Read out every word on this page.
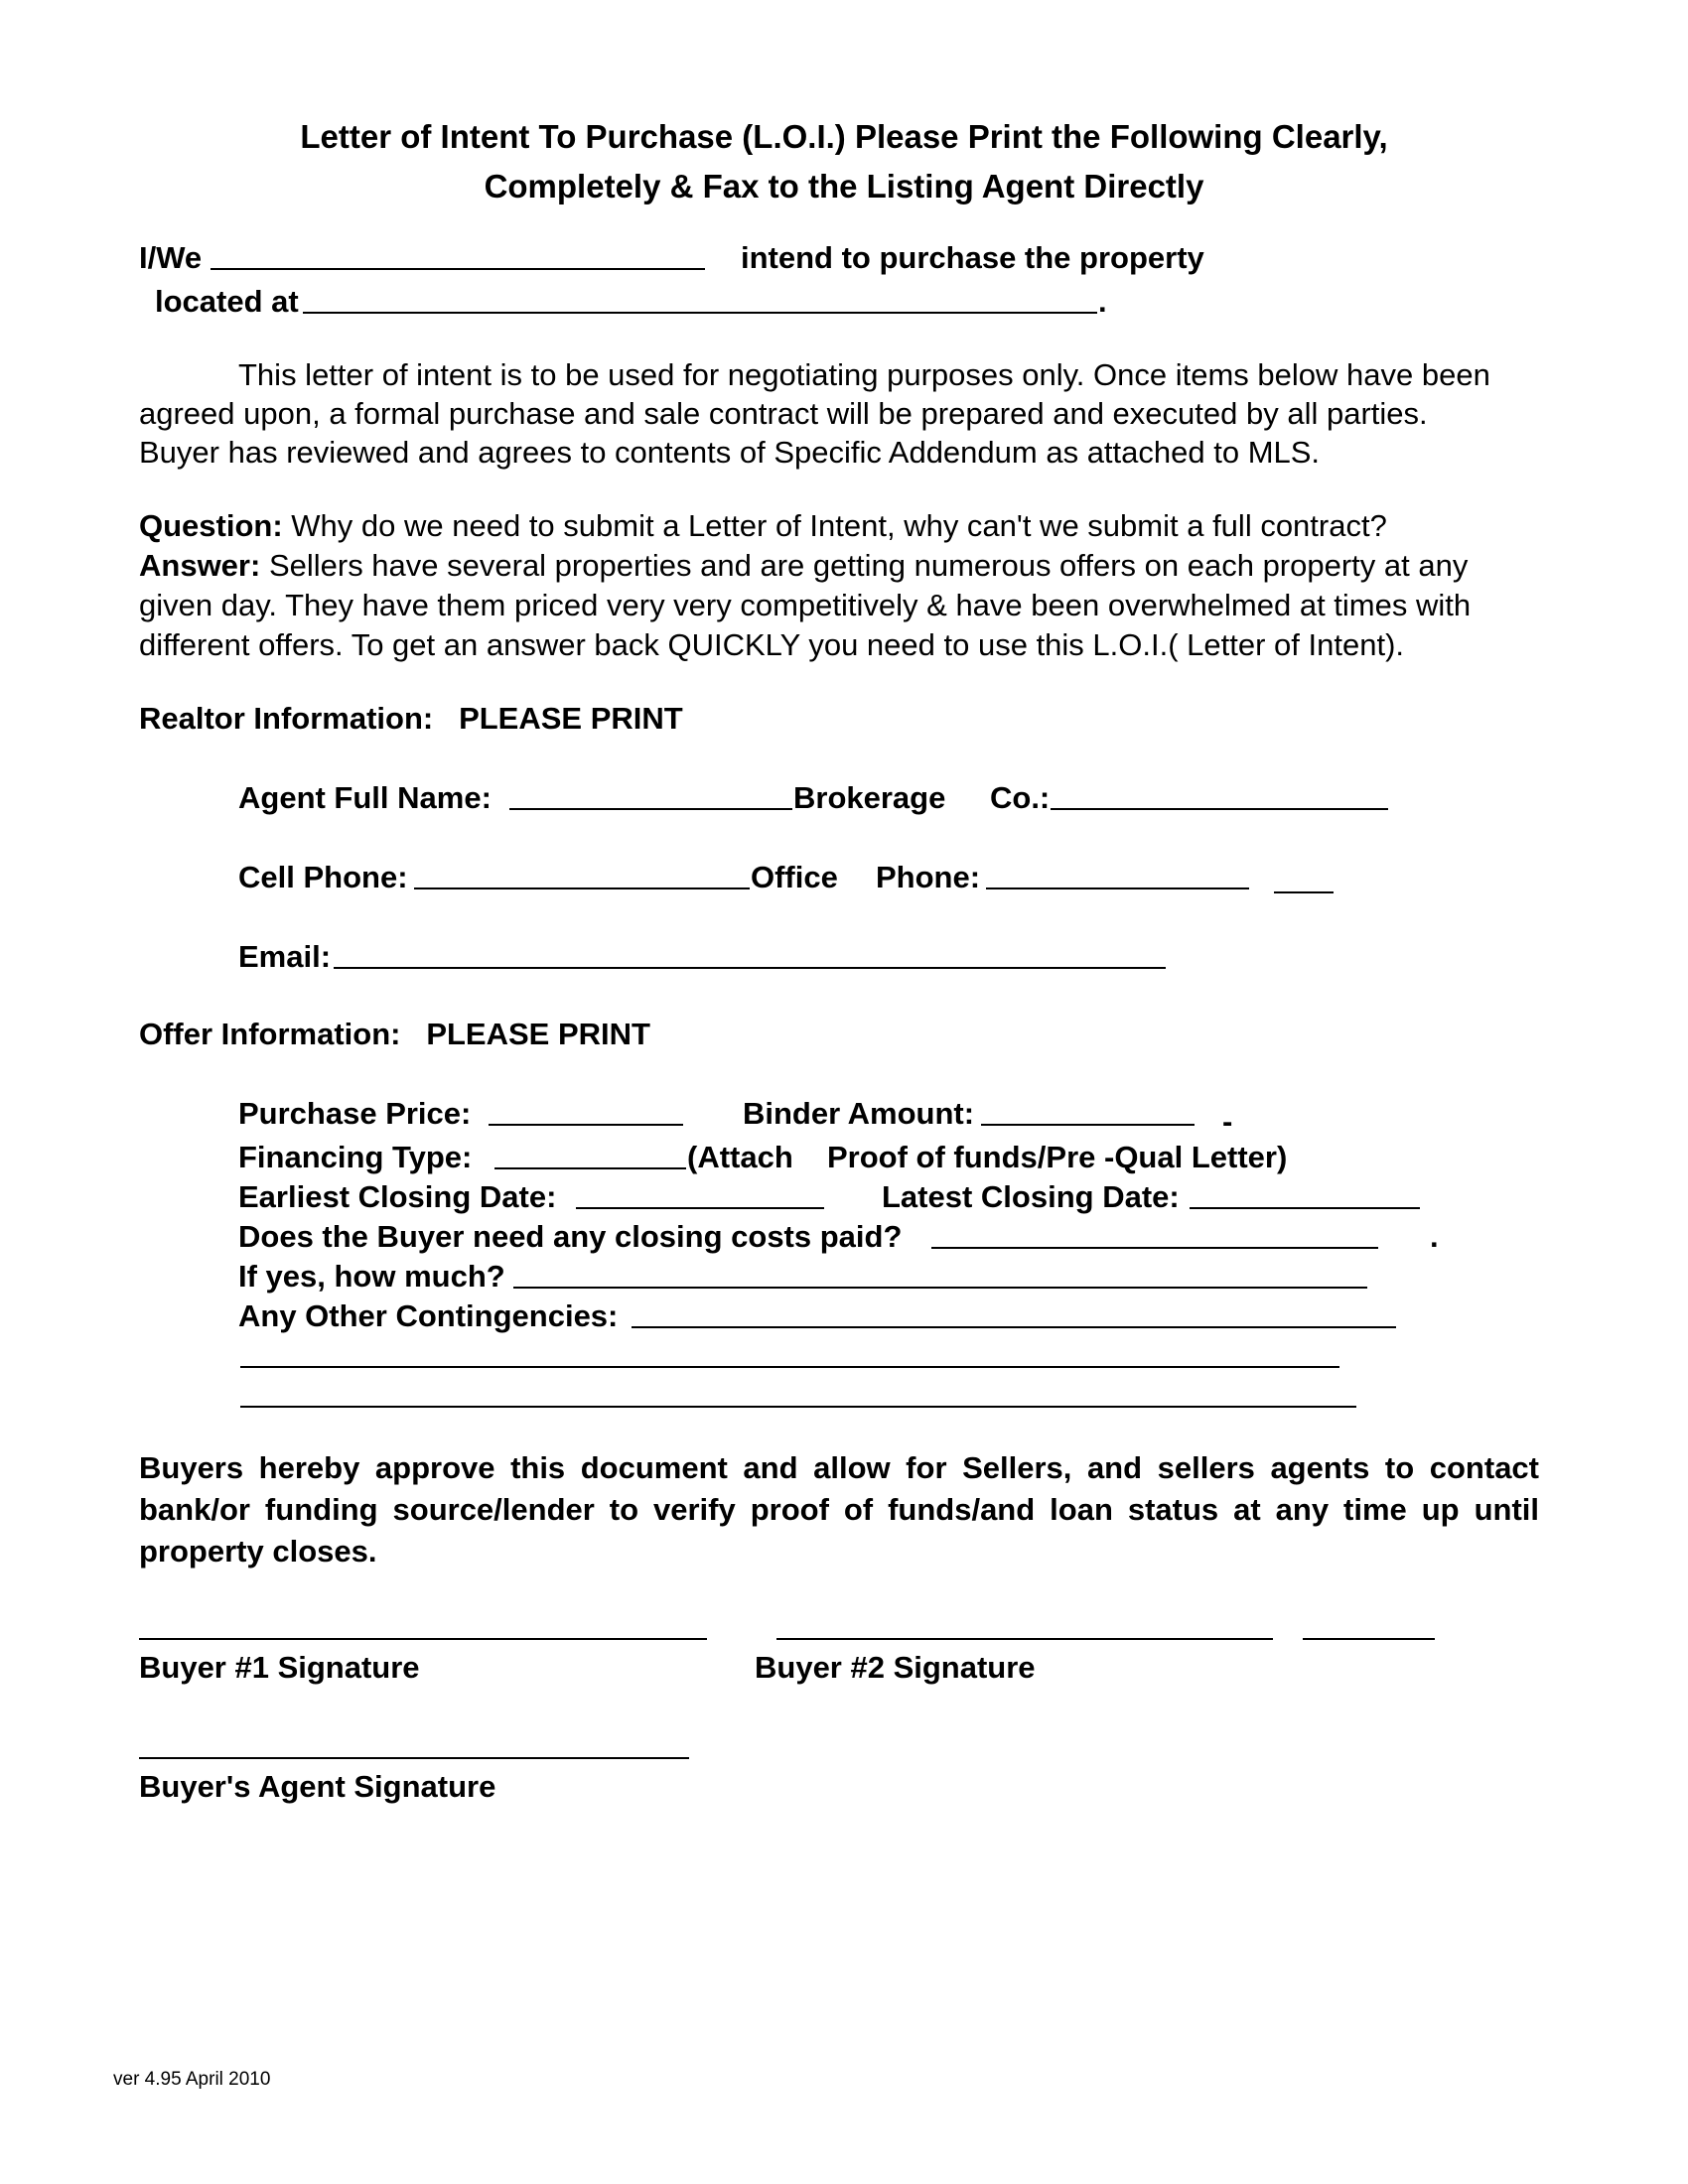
Letter of Intent To Purchase (L.O.I.) Please Print the Following Clearly,
Completely & Fax to the Listing Agent Directly
I/We	intend to purchase the property
located at	.
This letter of intent is to be used for negotiating purposes only. Once items below have been
agreed upon, a formal purchase and sale contract will be prepared and executed by all parties.
Buyer has reviewed and agrees to contents of Specific Addendum as attached to MLS.
Question: Why do we need to submit a Letter of Intent, why can't we submit a full contract?
Answer: Sellers have several properties and are getting numerous offers on each property at any
given day. They have them priced very very competitively & have been overwhelmed at times with
different offers. To get an answer back QUICKLY you need to use this L.O.I.( Letter of Intent).
Realtor Information:   PLEASE PRINT
Agent Full Name:	Brokerage Co.:
Cell Phone:	Office Phone:
Email:
Offer Information:   PLEASE PRINT
Purchase Price:	Binder Amount:	-
Financing Type:	(Attach Proof of funds/Pre -Qual Letter)
Earliest Closing Date:	Latest Closing Date:
Does the Buyer need any closing costs paid?	.
If yes, how much?
Any Other Contingencies:
Buyers hereby approve this document and allow for Sellers, and sellers agents to contact
bank/or funding source/lender to verify proof of funds/and loan status at any time up until
property closes.
Buyer #1 Signature	Buyer #2 Signature
Buyer's Agent Signature
ver 4.95 April 2010
